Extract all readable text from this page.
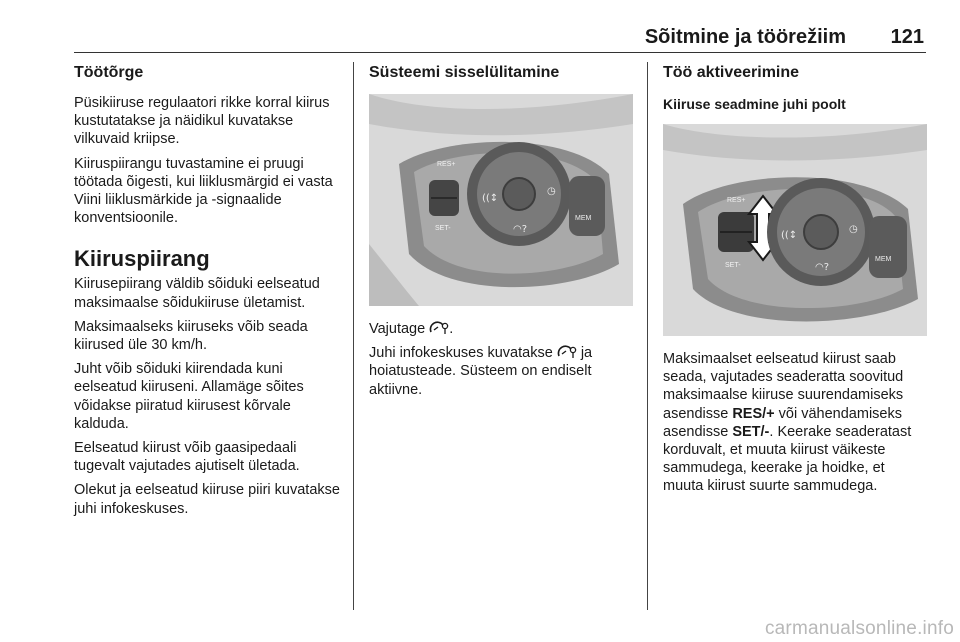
Sõitmine ja töörežiim 121
Töötõrge

Püsikiiruse regulaatori rikke korral kiirus kustutatakse ja näidikul kuvatakse vilkuvaid kriipse.

Kiiruspiirangu tuvastamine ei pruugi töötada õigesti, kui liiklusmärgid ei vasta Viini liiklusmärkide ja -signaalide konventsioonile.

Kiiruspiirang

Kiirusepiirang väldib sõiduki eelseatud maksimaalse sõidukiiruse ületamist.

Maksimaalseks kiiruseks võib seada kiirused üle 30 km/h.

Juht võib sõiduki kiirendada kuni eelseatud kiiruseni. Allamäge sõites võidakse piiratud kiirusest kõrvale kalduda.

Eelseatud kiirust võib gaasipedaali tugevalt vajutades ajutiselt ületada.

Olekut ja eelseatud kiiruse piiri kuvatakse juhi infokeskuses.

Süsteemi sisselülitamine
RES+
SET-
((↕
◷
◠?
MEM

Vajutage .

Juhi infokeskuses kuvatakse  ja hoiatusteade. Süsteem on endiselt aktiivne.

Töö aktiveerimine
Kiiruse seadmine juhi poolt
RES+
SET-
((↕
◷
◠?
MEM

Maksimaalset eelseatud kiirust saab seada, vajutades seaderatta soovitud maksimaalse kiiruse suurendamiseks asendisse RES/+ või vähendamiseks asendisse SET/-. Keerake seaderatast korduvalt, et muuta kiirust väikeste sammudega, keerake ja hoidke, et muuta kiirust suurte sammudega.

carmanualsonline.info
